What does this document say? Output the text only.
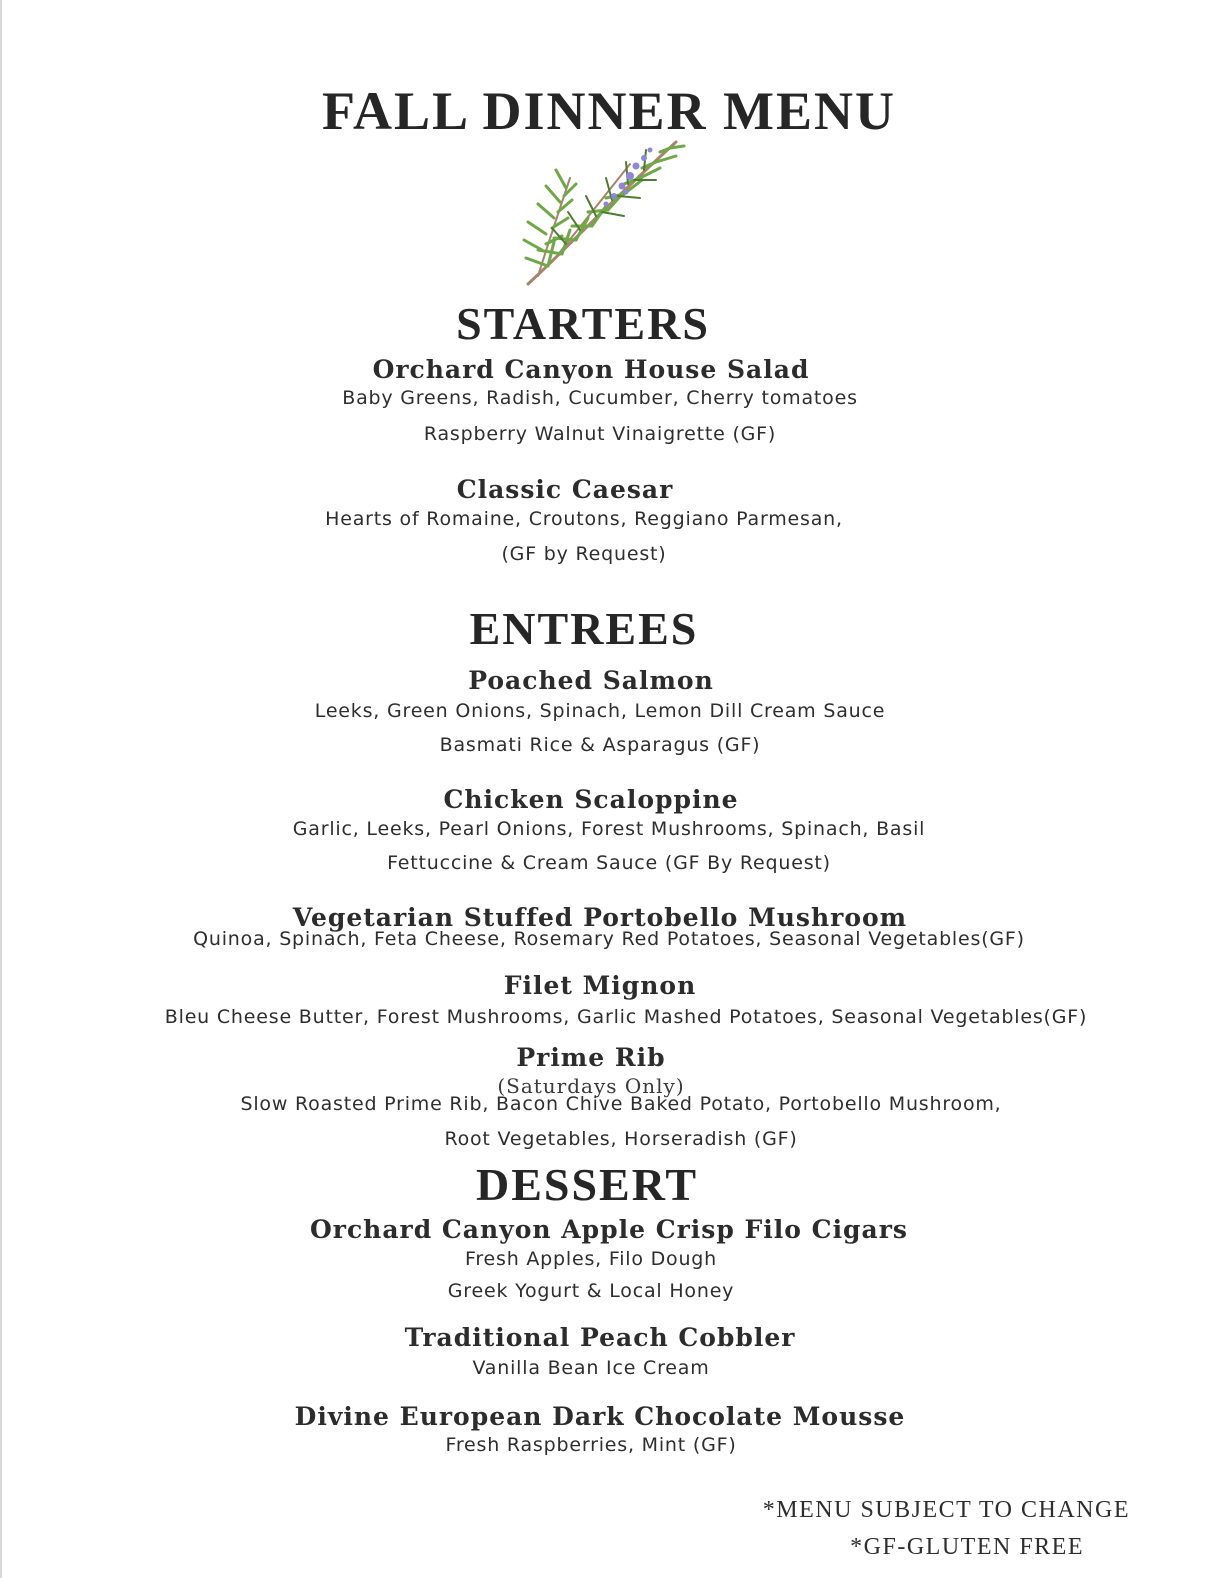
FALL DINNER MENU
STARTERS
Orchard Canyon House Salad
Baby Greens, Radish, Cucumber, Cherry tomatoes
Raspberry Walnut Vinaigrette (GF)
Classic Caesar
Hearts of Romaine, Croutons, Reggiano Parmesan,
(GF by Request)
ENTREES
Poached Salmon
Leeks, Green Onions, Spinach, Lemon Dill Cream Sauce
Basmati Rice & Asparagus (GF)
Chicken Scaloppine
Garlic, Leeks, Pearl Onions, Forest Mushrooms, Spinach, Basil
Fettuccine & Cream Sauce (GF By Request)
Vegetarian Stuffed Portobello Mushroom
Quinoa, Spinach, Feta Cheese, Rosemary Red Potatoes, Seasonal Vegetables(GF)
Filet Mignon
Bleu Cheese Butter, Forest Mushrooms, Garlic Mashed Potatoes, Seasonal Vegetables(GF)
Prime Rib
(Saturdays Only)
Slow Roasted Prime Rib, Bacon Chive Baked Potato, Portobello Mushroom,
Root Vegetables, Horseradish (GF)
DESSERT
Orchard Canyon Apple Crisp Filo Cigars
Fresh Apples, Filo Dough
Greek Yogurt & Local Honey
Traditional Peach Cobbler
Vanilla Bean Ice Cream
Divine European Dark Chocolate Mousse
Fresh Raspberries, Mint (GF)
*MENU SUBJECT TO CHANGE
*GF-GLUTEN FREE
